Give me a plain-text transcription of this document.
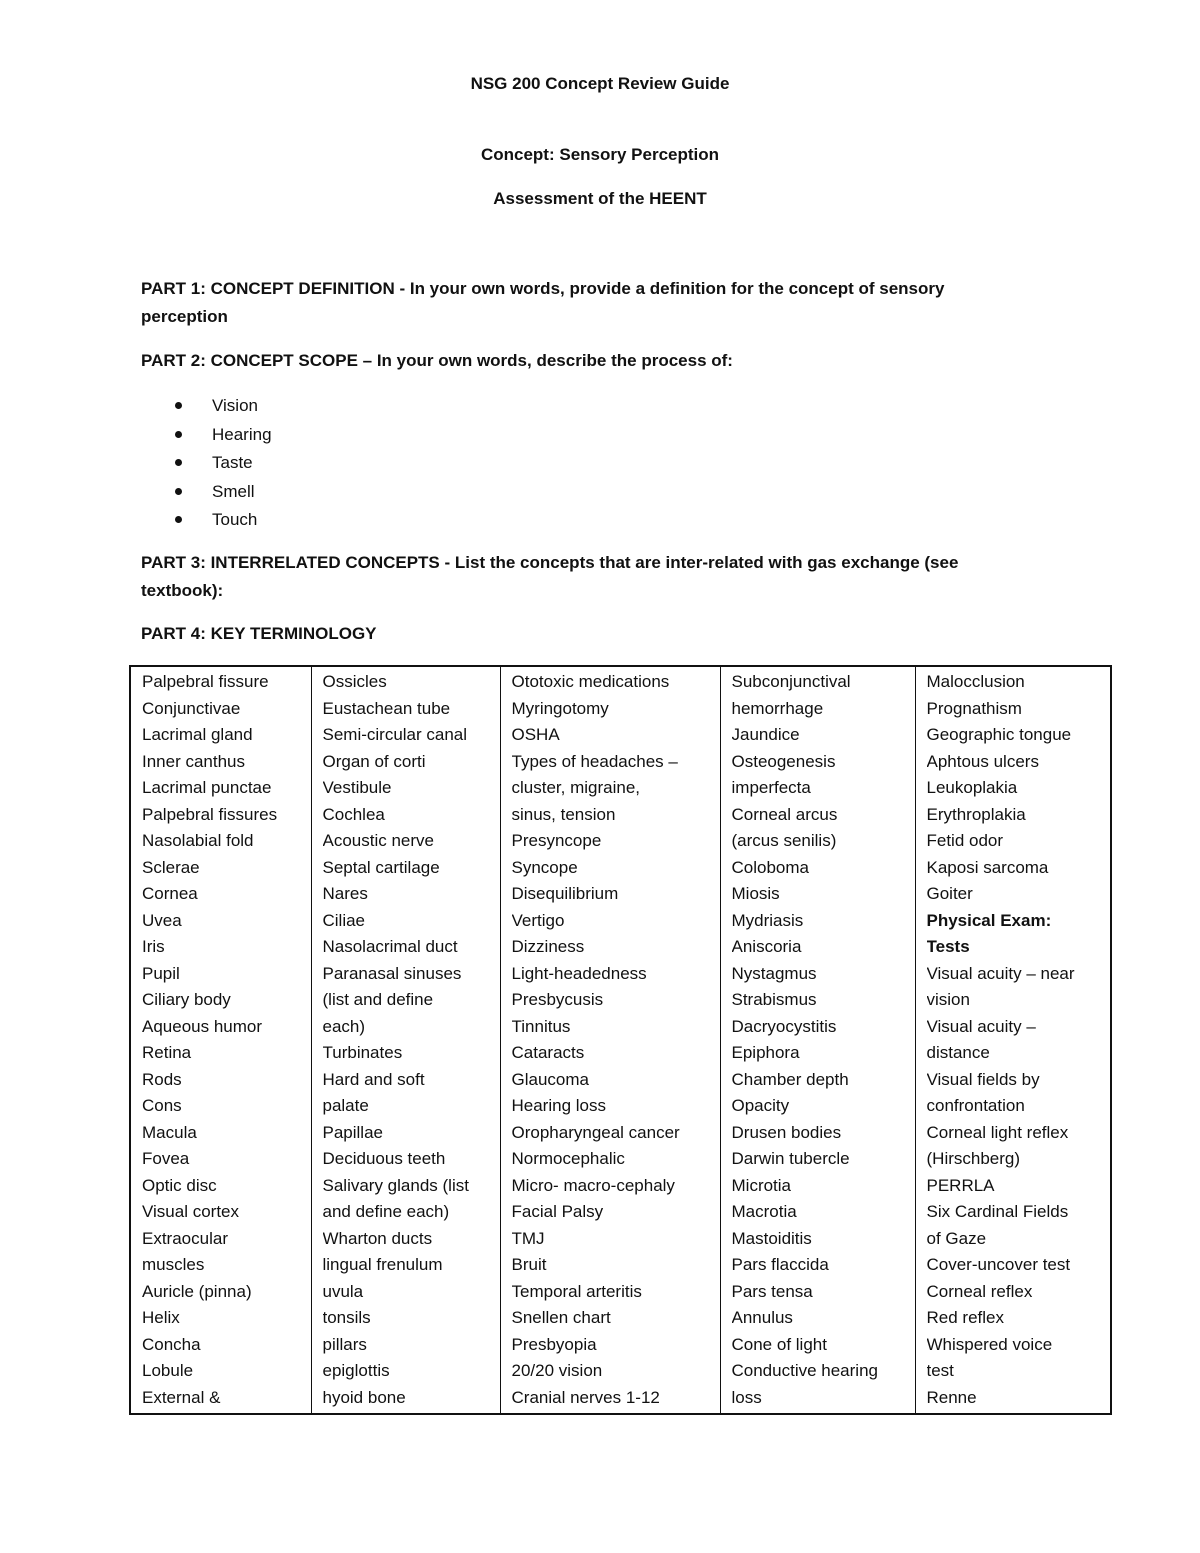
NSG 200 Concept Review Guide
Concept: Sensory Perception
Assessment of the HEENT
PART 1: CONCEPT DEFINITION - In your own words, provide a definition for the concept of sensory
perception
PART 2: CONCEPT SCOPE – In your own words, describe the process of:
Vision
Hearing
Taste
Smell
Touch
PART 3: INTERRELATED CONCEPTS - List the concepts that are inter-related with gas exchange (see
textbook):
PART 4: KEY TERMINOLOGY
Palpebral fissure
Conjunctivae
Lacrimal gland
Inner canthus
Lacrimal punctae
Palpebral fissures
Nasolabial fold
Sclerae
Cornea
Uvea
Iris
Pupil
Ciliary body
Aqueous humor
Retina
Rods
Cons
Macula
Fovea
Optic disc
Visual cortex
Extraocular
muscles
Auricle (pinna)
Helix
Concha
Lobule
External &

Ossicles
Eustachean tube
Semi-circular canal
Organ of corti
Vestibule
Cochlea
Acoustic nerve
Septal cartilage
Nares
Ciliae
Nasolacrimal duct
Paranasal sinuses
(list and define
each)
Turbinates
Hard and soft
palate
Papillae
Deciduous teeth
Salivary glands (list
and define each)
Wharton ducts
lingual frenulum
uvula
tonsils
pillars
epiglottis
hyoid bone

Ototoxic medications
Myringotomy
OSHA
Types of headaches –
cluster, migraine,
sinus, tension
Presyncope
Syncope
Disequilibrium
Vertigo
Dizziness
Light-headedness
Presbycusis
Tinnitus
Cataracts
Glaucoma
Hearing loss
Oropharyngeal cancer
Normocephalic
Micro- macro-cephaly
Facial Palsy
TMJ
Bruit
Temporal arteritis
Snellen chart
Presbyopia
20/20 vision
Cranial nerves 1-12

Subconjunctival
hemorrhage
Jaundice
Osteogenesis
imperfecta
Corneal arcus
(arcus senilis)
Coloboma
Miosis
Mydriasis
Aniscoria
Nystagmus
Strabismus
Dacryocystitis
Epiphora
Chamber depth
Opacity
Drusen bodies
Darwin tubercle
Microtia
Macrotia
Mastoiditis
Pars flaccida
Pars tensa
Annulus
Cone of light
Conductive hearing
loss

Malocclusion
Prognathism
Geographic tongue
Aphtous ulcers
Leukoplakia
Erythroplakia
Fetid odor
Kaposi sarcoma
Goiter
Physical Exam:
Tests
Visual acuity – near
vision
Visual acuity –
distance
Visual fields by
confrontation
Corneal light reflex
(Hirschberg)
PERRLA
Six Cardinal Fields
of Gaze
Cover-uncover test
Corneal reflex
Red reflex
Whispered voice
test
Renne
